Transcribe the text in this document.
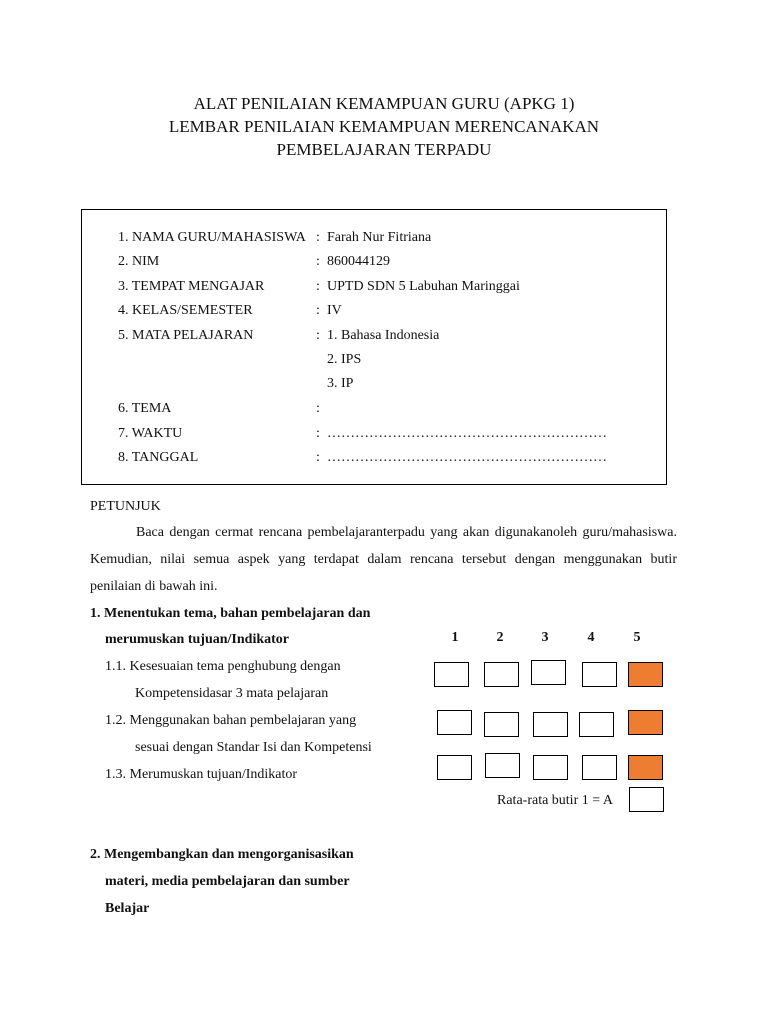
ALAT PENILAIAN KEMAMPUAN GURU (APKG 1)
LEMBAR PENILAIAN KEMAMPUAN MERENCANAKAN
PEMBELAJARAN TERPADU
1. NAMA GURU/MAHASISWA : Farah Nur Fitriana
2. NIM	: 860044129
3. TEMPAT MENGAJAR	: UPTD SDN 5 Labuhan Maringgai
4. KELAS/SEMESTER	: IV
5. MATA PELAJARAN	: 1. Bahasa Indonesia
2. IPS
3. IP
6. TEMA	:
7. WAKTU	: ……………………………………………………
8. TANGGAL	: ……………………………………………………
PETUNJUK
Baca dengan cermat rencana pembelajaranterpadu yang akan digunakanoleh guru/mahasiswa. Kemudian, nilai semua aspek yang terdapat dalam rencana tersebut dengan menggunakan butir penilaian di bawah ini.
1. Menentukan tema, bahan pembelajaran dan
merumuskan tujuan/Indikator	1	2	3	4	5
1.1. Kesesuaian tema penghubung dengan
Kompetensidasar 3 mata pelajaran
1.2. Menggunakan bahan pembelajaran yang
sesuai dengan Standar Isi dan Kompetensi
1.3. Merumuskan tujuan/Indikator
Rata-rata butir 1 = A
2. Mengembangkan dan mengorganisasikan
materi, media pembelajaran dan sumber
Belajar
